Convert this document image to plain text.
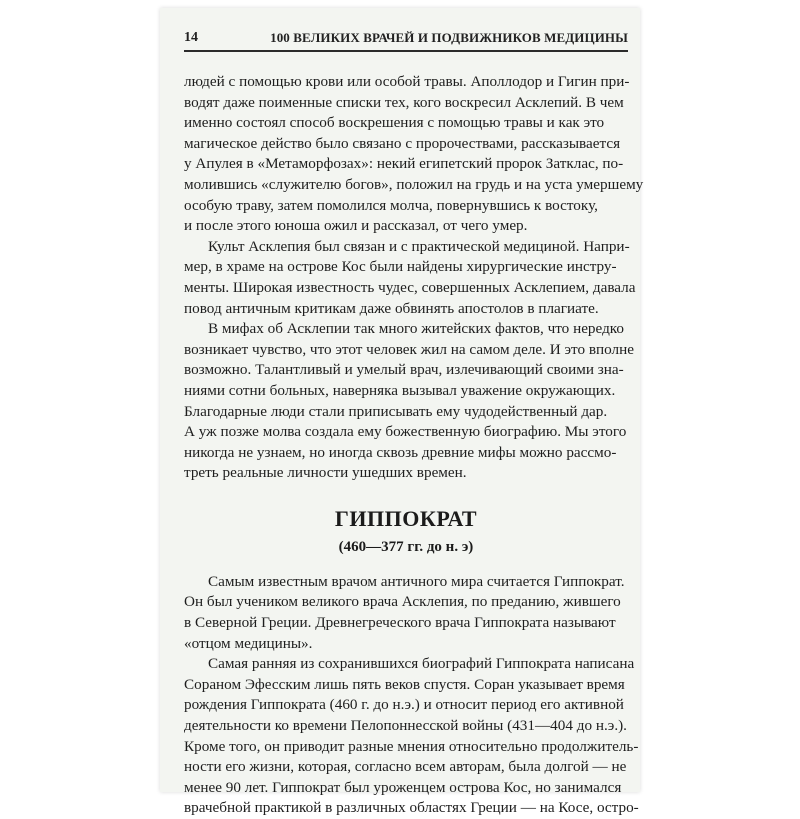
14	100 ВЕЛИКИХ ВРАЧЕЙ И ПОДВИЖНИКОВ МЕДИЦИНЫ
людей с помощью крови или особой травы. Аполлодор и Гигин при-
водят даже поименные списки тех, кого воскресил Асклепий. В чем
именно состоял способ воскрешения с помощью травы и как это
магическое действо было связано с пророчествами, рассказывается
у Апулея в «Метаморфозах»: некий египетский пророк Затклас, по-
молившись «служителю богов», положил на грудь и на уста умершему
особую траву, затем помолился молча, повернувшись к востоку,
и после этого юноша ожил и рассказал, от чего умер.
Культ Асклепия был связан и с практической медициной. Напри-
мер, в храме на острове Кос были найдены хирургические инстру-
менты. Широкая известность чудес, совершенных Асклепием, давала
повод античным критикам даже обвинять апостолов в плагиате.
В мифах об Асклепии так много житейских фактов, что нередко
возникает чувство, что этот человек жил на самом деле. И это вполне
возможно. Талантливый и умелый врач, излечивающий своими зна-
ниями сотни больных, наверняка вызывал уважение окружающих.
Благодарные люди стали приписывать ему чудодейственный дар.
А уж позже молва создала ему божественную биографию. Мы этого
никогда не узнаем, но иногда сквозь древние мифы можно рассмо-
треть реальные личности ушедших времен.
ГИППОКРАТ
(460—377 гг. до н. э)
Самым известным врачом античного мира считается Гиппократ.
Он был учеником великого врача Асклепия, по преданию, жившего
в Северной Греции. Древнегреческого врача Гиппократа называют
«отцом медицины».
Самая ранняя из сохранившихся биографий Гиппократа написана
Сораном Эфесским лишь пять веков спустя. Соран указывает время
рождения Гиппократа (460 г. до н.э.) и относит период его активной
деятельности ко времени Пелопоннесской войны (431—404 до н.э.).
Кроме того, он приводит разные мнения относительно продолжитель-
ности его жизни, которая, согласно всем авторам, была долгой — не
менее 90 лет. Гиппократ был уроженцем острова Кос, но занимался
врачебной практикой в различных областях Греции — на Косе, остро-
